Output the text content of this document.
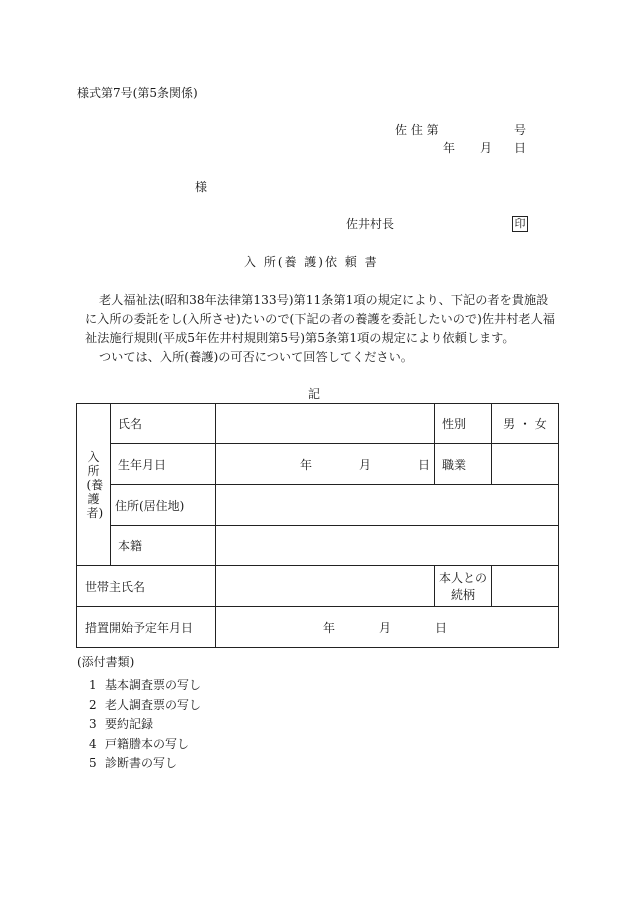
様式第7号(第5条関係)
佐 住 第	号
年 月 日
様
佐井村長	印
入 所(養 護)依 頼 書

老人福祉法(昭和38年法律第133号)第11条第1項の規定により、下記の者を貴施設に入所の委託をし(入所させ)たいので(下記の者の養護を委託したいので)佐井村老人福祉法施行規則(平成5年佐井村規則第5号)第5条第1項の規定により依頼します。

ついては、入所(養護)の可否について回答してください。

記
入所(養護者)	氏名		性別	男 ・ 女

生年月日	年 月 日	職業	

住所(居住地)			

本籍			

世帯主氏名			本人との続柄	

措置開始予定年月日		年 月 日		
(添付書類)
1 基本調査票の写し
2 老人調査票の写し
3 要約記録
4 戸籍謄本の写し
5 診断書の写し
